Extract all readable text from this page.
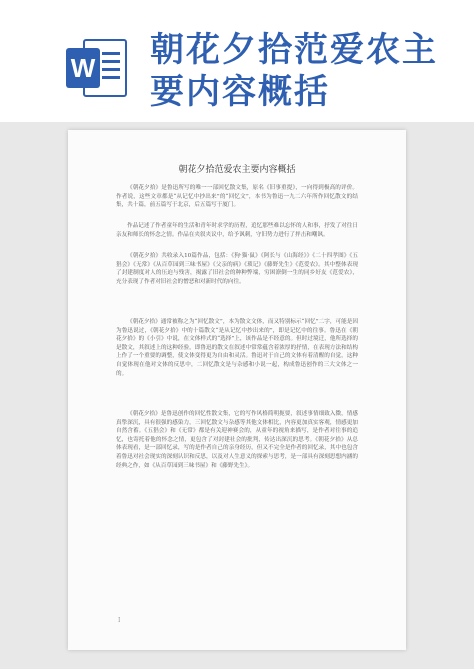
W 朝花夕拾范爱农主
要内容概括
朝花夕拾范爱农主要内容概括

《朝花夕拾》是鲁迅所写的唯一一部回忆散文集，原名《旧事重提》，一向得到极高的评价。作者说，这些文章都是“从记忆中抄出来”的“回忆文”，本书为鲁迅一九二六年所作回忆散文的结集，共十篇，前五篇写于北京，后五篇写于厦门。

作品记述了作者童年的生活和青年时求学的历程，追忆那些难以忘怀的人和事，抒发了对往日亲友和师长的怀念之情。作品在夹叙夹议中，给予讽刺，守旧势力进行了抨击和嘲讽。

《朝花夕拾》共收录入10篇作品，包括：《狗·猫·鼠》《阿长与《山海经》》《二十四孝图》《五猖会》《无常》《从百草园到三味书屋》《父亲的病》《琐记》《藤野先生》《范爱农》。其中整体表现了封建制度对人的压迫与残害，揭露了旧社会的种种弊端，穷困潦倒一生的同乡好友《范爱农》，充分表现了作者对旧社会的憎恶和对新时代的向往。

《朝花夕拾》通常被称之为“回忆散文”，本为散文文体，而又特别标示“回忆”二字，可能是因为鲁迅说过，《朝花夕拾》中的十篇散文“是从记忆中抄出来的”，即是记忆中的往事。鲁迅在《朝花夕拾》的《小引》中说，在文体样式的“选择”上，该作品是不经意的。但时过境迁，他所选择的是散文，其叙述上的这种经验，即鲁迅的散文在叙述中常常蕴含着浓厚的抒情，在表现方法和结构上作了一个重要的调整，使文体变得更为自由和灵活。鲁迅对于自己的文体有着清醒的自觉，这种自觉体现在他对文体的反思中，二回忆散文是与杂感和小说一起，构成鲁迅创作的三大文体之一的。

《朝花夕拾》是鲁迅创作的回忆性散文集，它的写作风格简明扼要，叙述事情细致入微，情感真挚深沉，具有很强的感染力，三回忆散文与杂感等其他文体相比，内容更加真实客观，情感更加自然含蓄。《五猖会》和《无常》都是有关迎神赛会的，从童年的视角来描写，是作者对往事的追忆，也寄托着他的怀念之情，更包含了对封建社会的批判，传达出深沉的思考。《朝花夕拾》从总体表现看，是一部回忆录，写的是作者自己的亲身经历，但又不完全是作者的回忆录，其中也包含着鲁迅对社会现实的深刻认识和反思，以及对人生意义的探索与思考，是一部具有深刻思想内涵的经典之作，如《从百草园到三味书屋》和《藤野先生》。

I
